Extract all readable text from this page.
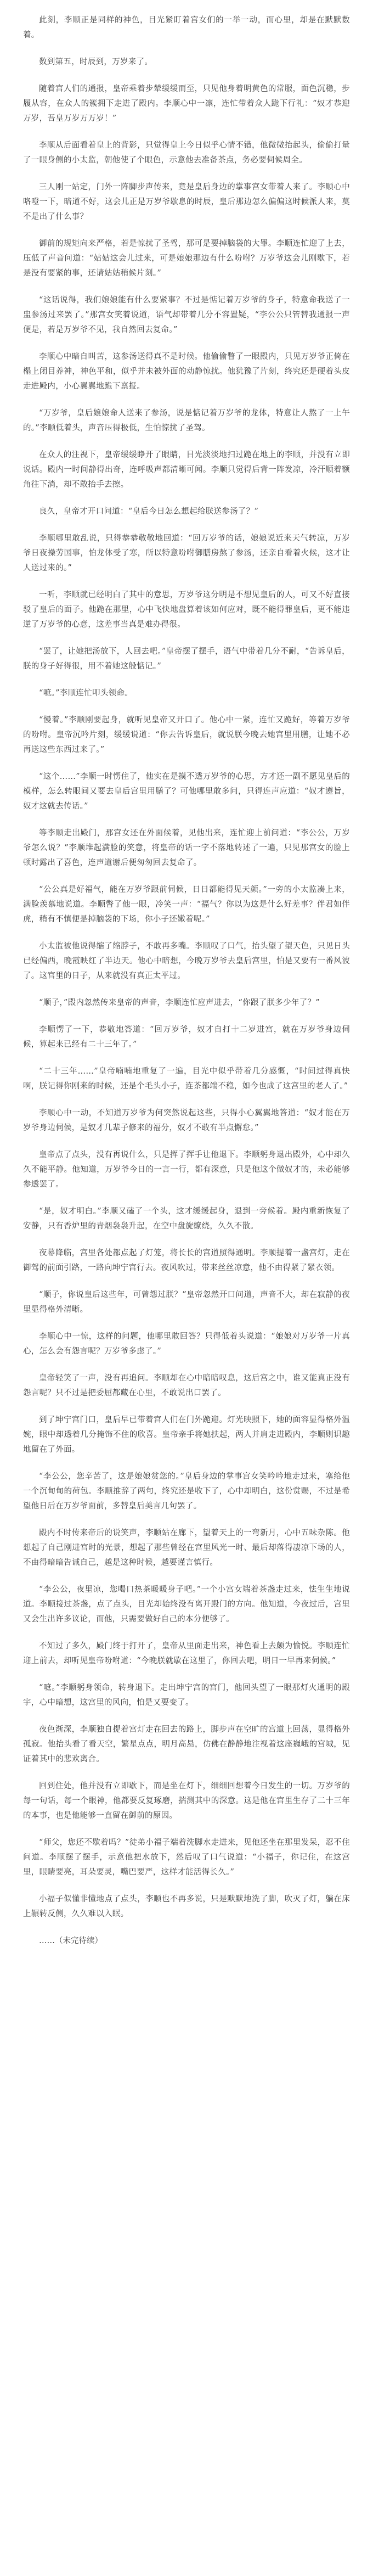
此刻，李顺正是同样的神色，目光紧盯着宫女们的一举一动，而心里，却是在默默数着。

数到第五，时辰到，万岁来了。

随着宫人们的通报，皇帝乘着步辇缓缓而至，只见他身着明黄色的常服，面色沉稳，步履从容，在众人的簇拥下走进了殿内。李顺心中一凛，连忙带着众人跪下行礼：“奴才恭迎万岁，吾皇万岁万万岁！”

李顺从后面看着皇上的背影，只觉得皇上今日似乎心情不错，他微微抬起头，偷偷打量了一眼身侧的小太监，朝他使了个眼色，示意他去准备茶点，务必要伺候周全。

三人刚一站定，门外一阵脚步声传来，竟是皇后身边的掌事宫女带着人来了。李顺心中咯噔一下，暗道不好，这会儿正是万岁爷歇息的时辰，皇后那边怎么偏偏这时候派人来，莫不是出了什么事？

御前的规矩向来严格，若是惊扰了圣驾，那可是要掉脑袋的大罪。李顺连忙迎了上去，压低了声音问道：“姑姑这会儿过来，可是娘娘那边有什么吩咐？万岁爷这会儿刚歇下，若是没有要紧的事，还请姑姑稍候片刻。”

“这话说得，我们娘娘能有什么要紧事？不过是惦记着万岁爷的身子，特意命我送了一盅参汤过来罢了。”那宫女笑着说道，语气却带着几分不容置疑，“李公公只管替我通报一声便是，若是万岁爷不见，我自然回去复命。”

李顺心中暗自叫苦，这参汤送得真不是时候。他偷偷瞥了一眼殿内，只见万岁爷正倚在榻上闭目养神，神色平和，似乎并未被外面的动静惊扰。他犹豫了片刻，终究还是硬着头皮走进殿内，小心翼翼地跪下禀报。

“万岁爷，皇后娘娘命人送来了参汤，说是惦记着万岁爷的龙体，特意让人熬了一上午的。”李顺低着头，声音压得极低，生怕惊扰了圣驾。

在众人的注视下，皇帝缓缓睁开了眼睛，目光淡淡地扫过跪在地上的李顺，并没有立即说话。殿内一时间静得出奇，连呼吸声都清晰可闻。李顺只觉得后背一阵发凉，冷汗顺着额角往下淌，却不敢抬手去擦。

良久，皇帝才开口问道：“皇后今日怎么想起给朕送参汤了？”

李顺哪里敢乱说，只得恭恭敬敬地回道：“回万岁爷的话，娘娘说近来天气转凉，万岁爷日夜操劳国事，怕龙体受了寒，所以特意吩咐御膳房熬了参汤，还亲自看着火候，这才让人送过来的。”

一听，李顺就已经明白了其中的意思，万岁爷这分明是不想见皇后的人，可又不好直接驳了皇后的面子。他跪在那里，心中飞快地盘算着该如何应对，既不能得罪皇后，更不能违逆了万岁爷的心意，这差事当真是难办得很。

“罢了，让她把汤放下，人回去吧。”皇帝摆了摆手，语气中带着几分不耐，“告诉皇后，朕的身子好得很，用不着她这般惦记。”

“嗻。”李顺连忙叩头领命。

“慢着。”李顺刚要起身，就听见皇帝又开口了。他心中一紧，连忙又跪好，等着万岁爷的吩咐。皇帝沉吟片刻，缓缓说道：“你去告诉皇后，就说朕今晚去她宫里用膳，让她不必再送这些东西过来了。”

“这个……”李顺一时愣住了，他实在是摸不透万岁爷的心思，方才还一副不愿见皇后的模样，怎么转眼间又要去皇后宫里用膳了？可他哪里敢多问，只得连声应道：“奴才遵旨，奴才这就去传话。”

等李顺走出殿门，那宫女还在外面候着，见他出来，连忙迎上前问道：“李公公，万岁爷怎么说？”李顺堆起满脸的笑意，将皇帝的话一字不落地转述了一遍，只见那宫女的脸上顿时露出了喜色，连声道谢后便匆匆回去复命了。

“公公真是好福气，能在万岁爷跟前伺候，日日都能得见天颜。”一旁的小太监凑上来，满脸羡慕地说道。李顺瞥了他一眼，冷笑一声：“福气？你以为这是什么好差事？伴君如伴虎，稍有不慎便是掉脑袋的下场，你小子还嫩着呢。”

小太监被他说得缩了缩脖子，不敢再多嘴。李顺叹了口气，抬头望了望天色，只见日头已经偏西，晚霞映红了半边天。他心中暗想，今晚万岁爷去皇后宫里，怕是又要有一番风波了。这宫里的日子，从来就没有真正太平过。

“顺子，”殿内忽然传来皇帝的声音，李顺连忙应声进去，“你跟了朕多少年了？”

李顺愣了一下，恭敬地答道：“回万岁爷，奴才自打十二岁进宫，就在万岁爷身边伺候，算起来已经有二十三年了。”

“二十三年……”皇帝喃喃地重复了一遍，目光中似乎带着几分感慨，“时间过得真快啊，朕记得你刚来的时候，还是个毛头小子，连茶都端不稳，如今也成了这宫里的老人了。”

李顺心中一动，不知道万岁爷为何突然说起这些，只得小心翼翼地答道：“奴才能在万岁爷身边伺候，是奴才几辈子修来的福分，奴才不敢有半点懈怠。”

皇帝点了点头，没有再说什么，只是挥了挥手让他退下。李顺躬身退出殿外，心中却久久不能平静。他知道，万岁爷今日的一言一行，都有深意，只是他这个做奴才的，未必能够参透罢了。

“是，奴才明白。”李顺又磕了一个头，这才缓缓起身，退到一旁候着。殿内重新恢复了安静，只有香炉里的青烟袅袅升起，在空中盘旋缭绕，久久不散。

夜幕降临，宫里各处都点起了灯笼，将长长的宫道照得通明。李顺提着一盏宫灯，走在御驾的前面引路，一路向坤宁宫行去。夜风吹过，带来丝丝凉意，他不由得紧了紧衣领。

“顺子，你说皇后这些年，可曾怨过朕？”皇帝忽然开口问道，声音不大，却在寂静的夜里显得格外清晰。

李顺心中一惊，这样的问题，他哪里敢回答？只得低着头说道：“娘娘对万岁爷一片真心，怎么会有怨言呢？万岁爷多虑了。”

皇帝轻笑了一声，没有再追问。李顺却在心中暗暗叹息，这后宫之中，谁又能真正没有怨言呢？只不过是把委屈都藏在心里，不敢说出口罢了。

到了坤宁宫门口，皇后早已带着宫人们在门外跪迎。灯光映照下，她的面容显得格外温婉，眼中却透着几分掩饰不住的欣喜。皇帝亲手将她扶起，两人并肩走进殿内，李顺则识趣地留在了外面。

“李公公，您辛苦了，这是娘娘赏您的。”皇后身边的掌事宫女笑吟吟地走过来，塞给他一个沉甸甸的荷包。李顺推辞了两句，终究还是收下了，心中却明白，这份赏赐，不过是希望他日后在万岁爷面前，多替皇后美言几句罢了。

殿内不时传来帝后的说笑声，李顺站在廊下，望着天上的一弯新月，心中五味杂陈。他想起了自己刚进宫时的光景，想起了那些曾经在宫里风光一时、最后却落得凄凉下场的人，不由得暗暗告诫自己，越是这种时候，越要谨言慎行。

“李公公，夜里凉，您喝口热茶暖暖身子吧。”一个小宫女端着茶盏走过来，怯生生地说道。李顺接过茶盏，点了点头，目光却始终没有离开殿门的方向。他知道，今夜过后，宫里又会生出许多议论，而他，只需要做好自己的本分便够了。

不知过了多久，殿门终于打开了，皇帝从里面走出来，神色看上去颇为愉悦。李顺连忙迎上前去，却听见皇帝吩咐道：“今晚朕就歇在这里了，你回去吧，明日一早再来伺候。”

“嗻。”李顺躬身领命，转身退下。走出坤宁宫的宫门，他回头望了一眼那灯火通明的殿宇，心中暗想，这宫里的风向，怕是又要变了。

夜色渐深，李顺独自提着宫灯走在回去的路上，脚步声在空旷的宫道上回荡，显得格外孤寂。他抬头看了看天空，繁星点点，明月高悬，仿佛在静静地注视着这座巍峨的宫城，见证着其中的悲欢离合。

回到住处，他并没有立即歇下，而是坐在灯下，细细回想着今日发生的一切。万岁爷的每一句话，每一个眼神，他都要反复琢磨，揣测其中的深意。这是他在宫里生存了二十三年的本事，也是他能够一直留在御前的原因。

“师父，您还不歇着吗？”徒弟小福子端着洗脚水走进来，见他还坐在那里发呆，忍不住问道。李顺摆了摆手，示意他把水放下，然后叹了口气说道：“小福子，你记住，在这宫里，眼睛要亮，耳朵要灵，嘴巴要严，这样才能活得长久。”

小福子似懂非懂地点了点头，李顺也不再多说，只是默默地洗了脚，吹灭了灯，躺在床上辗转反侧，久久难以入眠。

……（未完待续）
